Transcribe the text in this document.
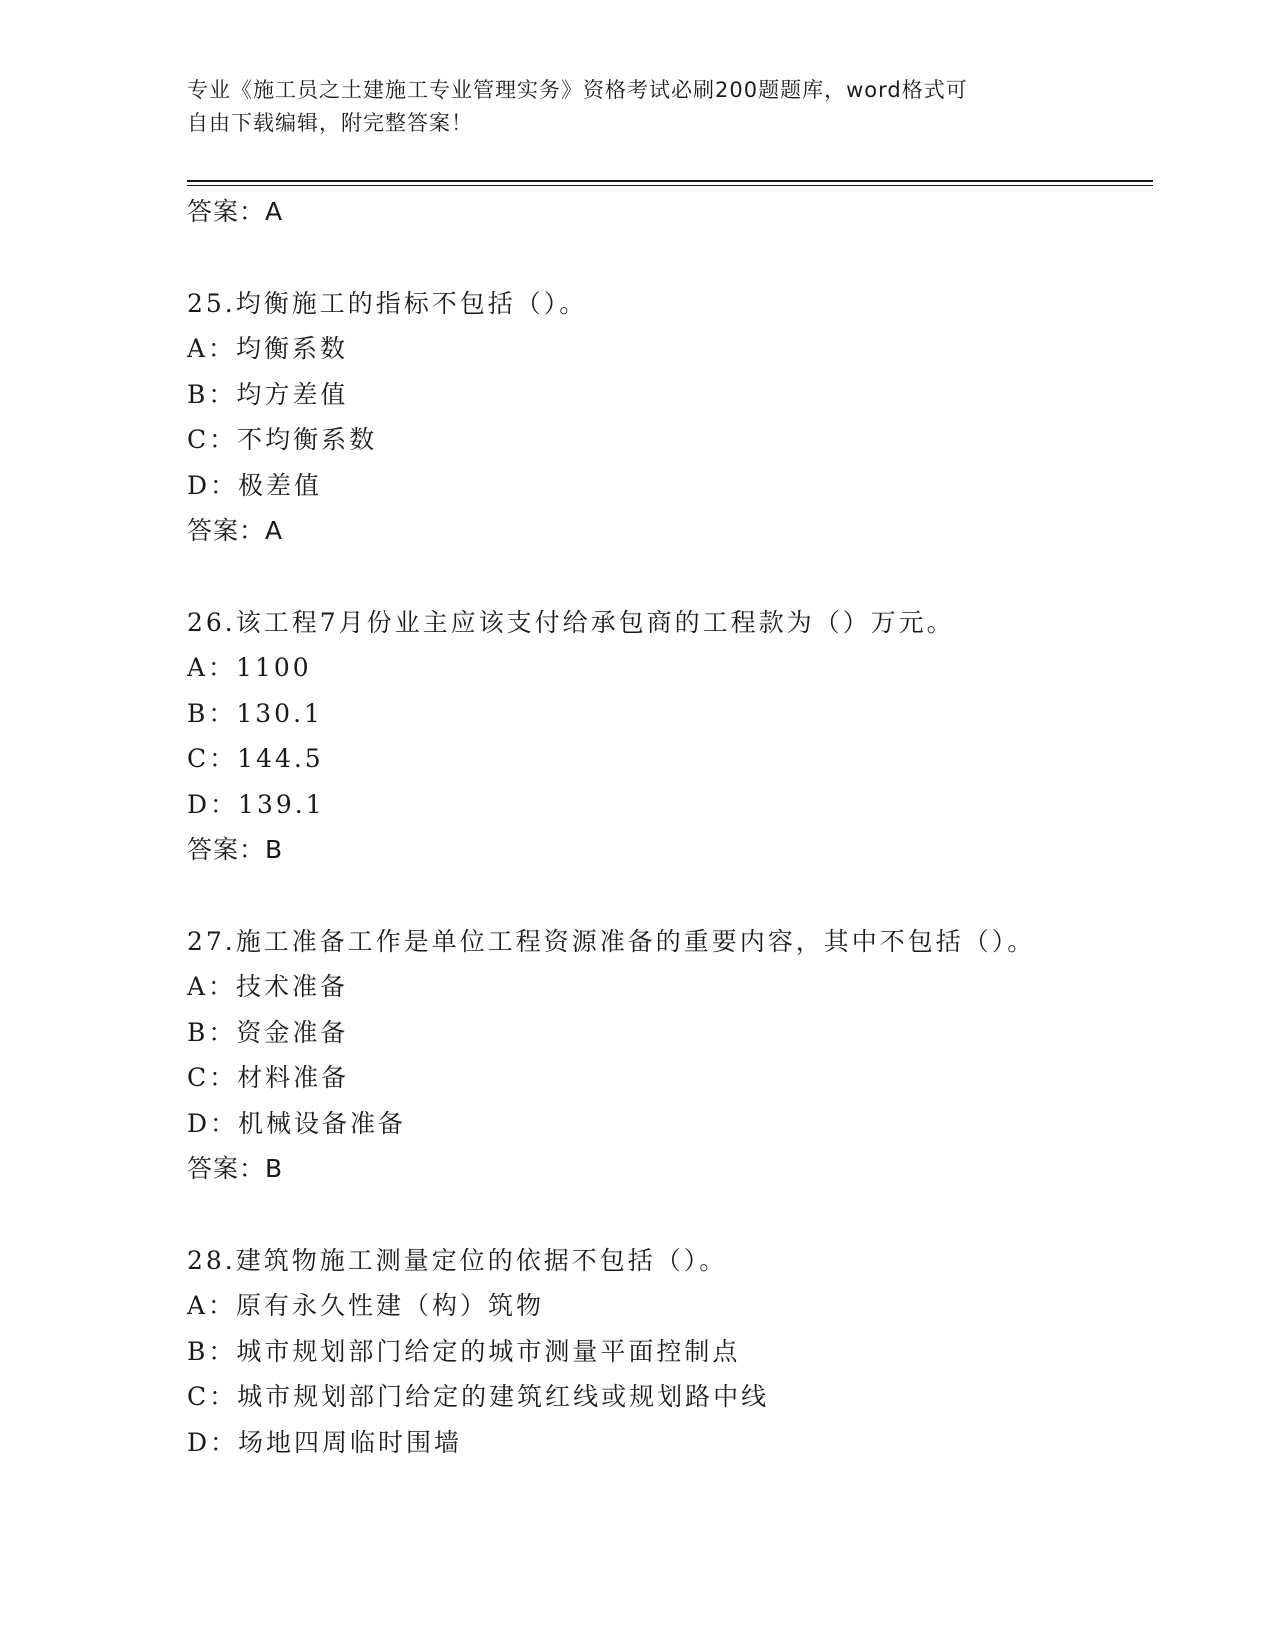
专业《施工员之土建施工专业管理实务》资格考试必刷200题题库，word格式可
自由下载编辑，附完整答案！
答案：A
25.均衡施工的指标不包括（）。
A：均衡系数
B：均方差值
C：不均衡系数
D：极差值
答案：A
26.该工程7月份业主应该支付给承包商的工程款为（）万元。
A：1100
B：130.1
C：144.5
D：139.1
答案：B
27.施工准备工作是单位工程资源准备的重要内容，其中不包括（）。
A：技术准备
B：资金准备
C：材料准备
D：机械设备准备
答案：B
28.建筑物施工测量定位的依据不包括（）。
A：原有永久性建（构）筑物
B：城市规划部门给定的城市测量平面控制点
C：城市规划部门给定的建筑红线或规划路中线
D：场地四周临时围墙
